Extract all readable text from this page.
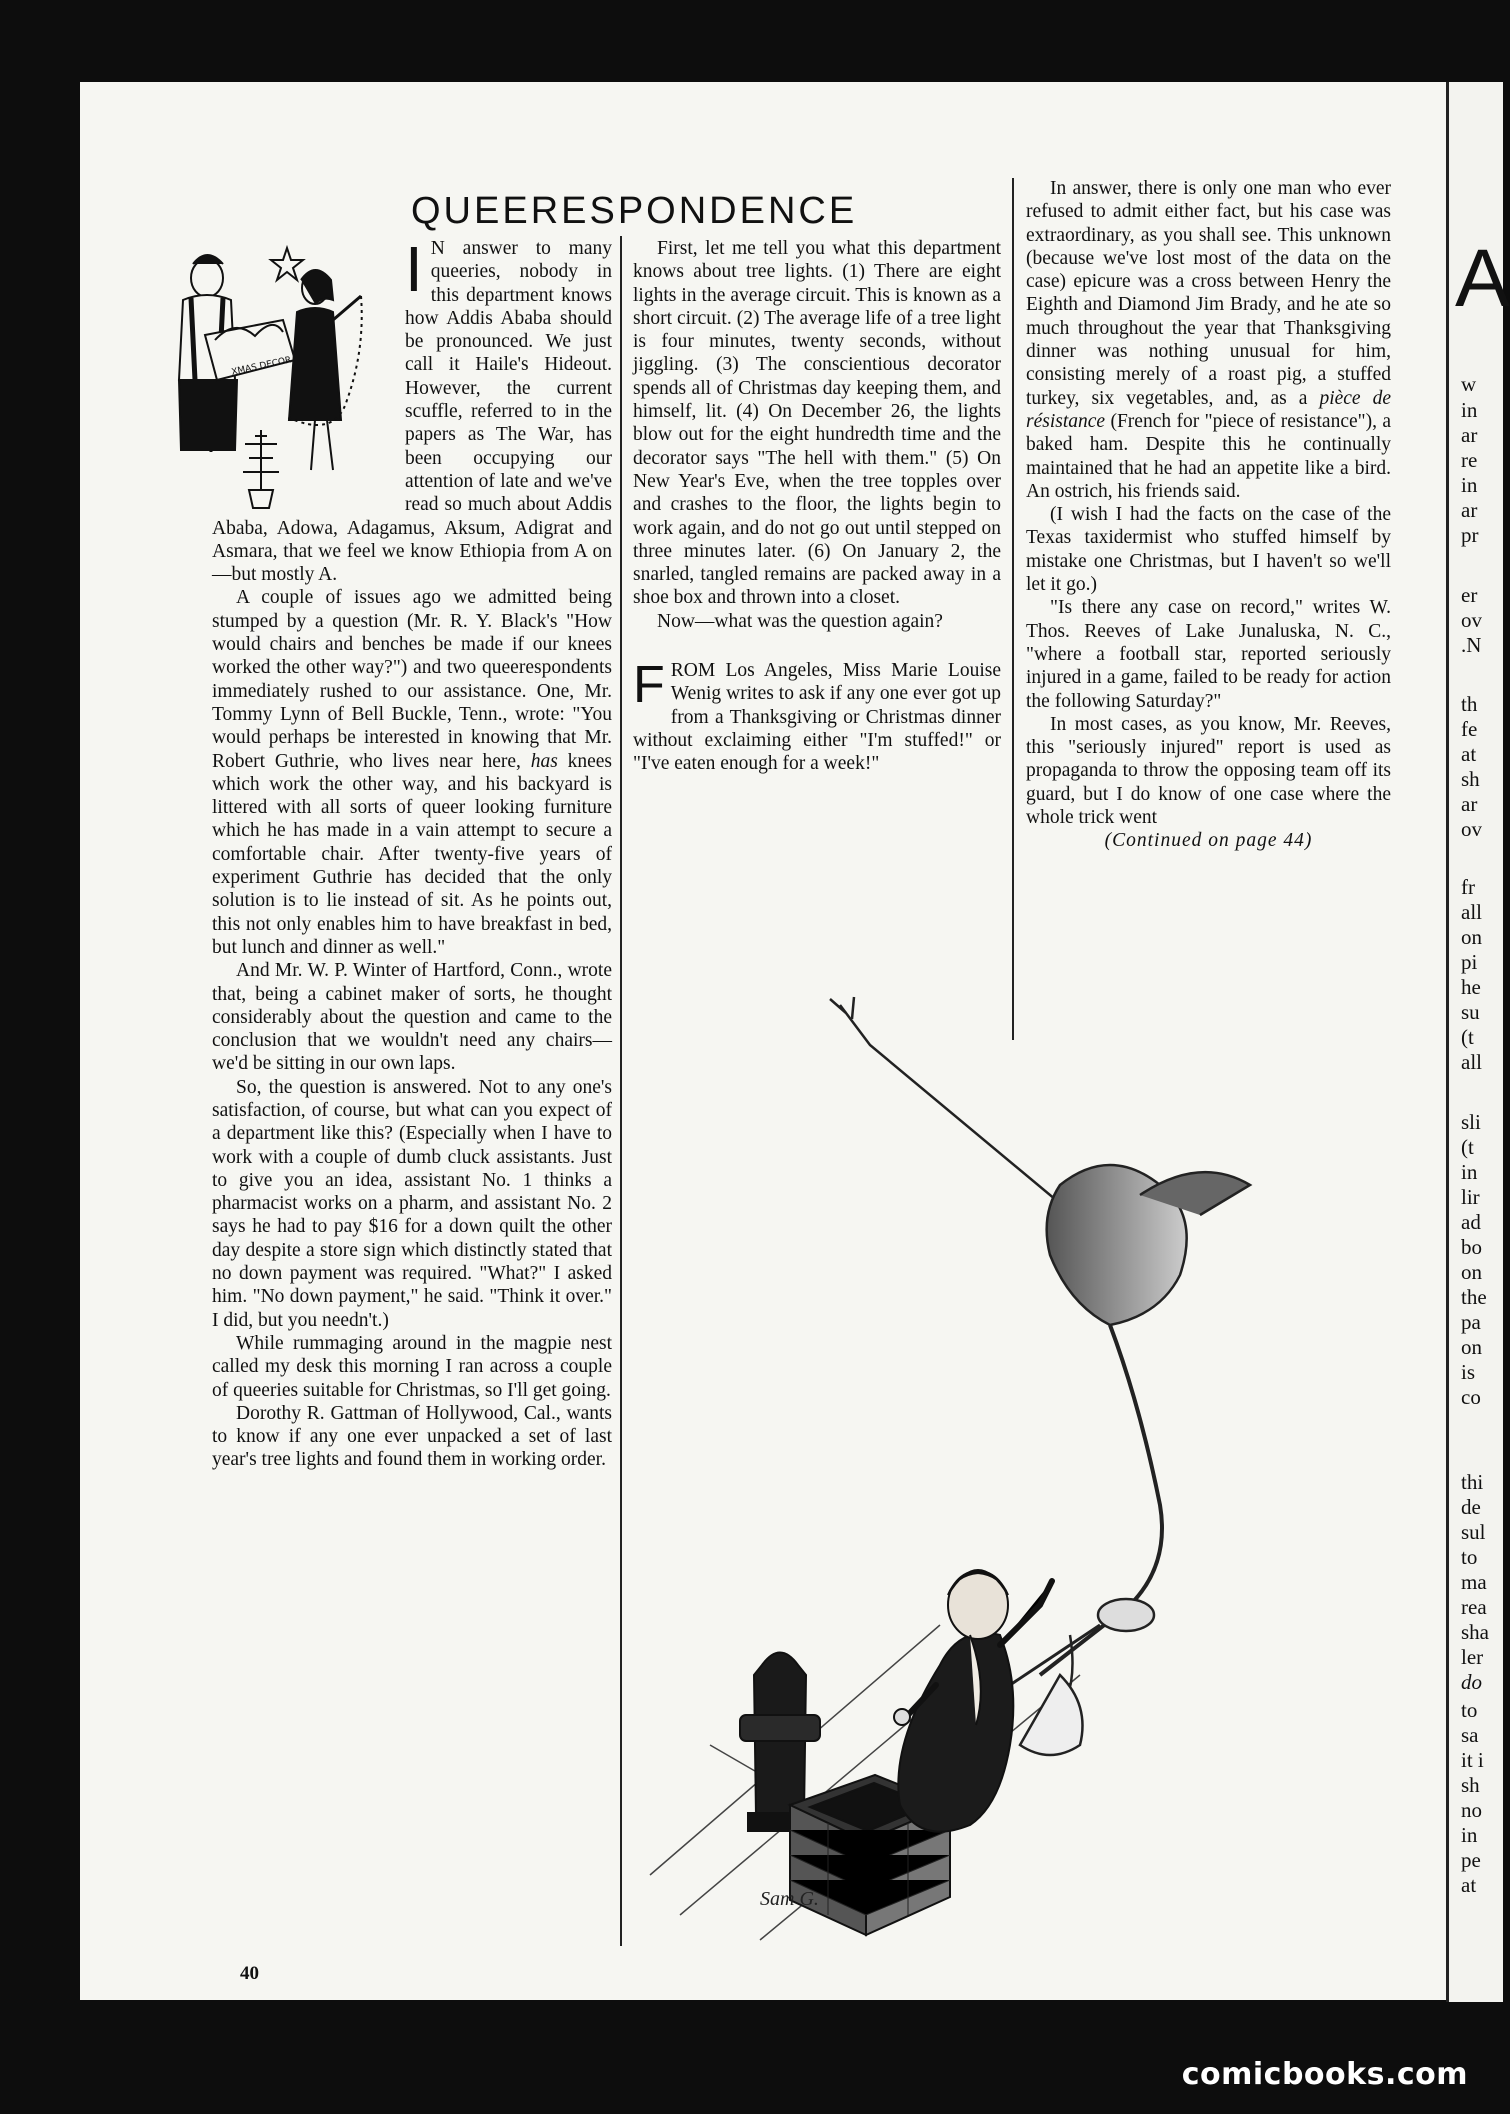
A
w
in
ar
re
in
ar
pr
er
ov
.N
th
fe
at
sh
ar
ov
fr
all
on
pi
he
su
(t
all
sli
(t
in
lir
ad
bo
on
the
pa
on
is
co
thi
de
sul
to
ma
rea
sha
ler
do
to
sa
it i
sh
no
in
pe
at
QUEERESPONDENCE

I N answer to many queeries, nobody in this department knows how Addis Ababa should be pronounced. We just call it Haile's Hideout. However, the current scuffle, referred to in the papers as The War, has been occupying our attention of late and we've read so much about Addis Ababa, Adowa, Adagamus, Aksum, Adigrat and Asmara, that we feel we know Ethiopia from A on—but mostly A.

A couple of issues ago we admitted being stumped by a question (Mr. R. Y. Black's "How would chairs and benches be made if our knees worked the other way?") and two queerespondents immediately rushed to our assistance. One, Mr. Tommy Lynn of Bell Buckle, Tenn., wrote: "You would perhaps be interested in knowing that Mr. Robert Guthrie, who lives near here, has knees which work the other way, and his backyard is littered with all sorts of queer looking furniture which he has made in a vain attempt to secure a comfortable chair. After twenty-five years of experiment Guthrie has decided that the only solution is to lie instead of sit. As he points out, this not only enables him to have breakfast in bed, but lunch and dinner as well."

And Mr. W. P. Winter of Hartford, Conn., wrote that, being a cabinet maker of sorts, he thought considerably about the question and came to the conclusion that we wouldn't need any chairs—we'd be sitting in our own laps.

So, the question is answered. Not to any one's satisfaction, of course, but what can you expect of a department like this? (Especially when I have to work with a couple of dumb cluck assistants. Just to give you an idea, assistant No. 1 thinks a pharmacist works on a pharm, and assistant No. 2 says he had to pay $16 for a down quilt the other day despite a store sign which distinctly stated that no down payment was required. "What?" I asked him. "No down payment," he said. "Think it over." I did, but you needn't.)

While rummaging around in the magpie nest called my desk this morning I ran across a couple of queeries suitable for Christmas, so I'll get going.

Dorothy R. Gattman of Hollywood, Cal., wants to know if any one ever unpacked a set of last year's tree lights and found them in working order.

First, let me tell you what this department knows about tree lights. (1) There are eight lights in the average circuit. This is known as a short circuit. (2) The average life of a tree light is four minutes, twenty seconds, without jiggling. (3) The conscientious decorator spends all of Christmas day keeping them, and himself, lit. (4) On December 26, the lights blow out for the eight hundredth time and the decorator says "The hell with them." (5) On New Year's Eve, when the tree topples over and crashes to the floor, the lights begin to work again, and do not go out until stepped on three minutes later. (6) On January 2, the snarled, tangled remains are packed away in a shoe box and thrown into a closet.

Now—what was the question again?

FROM Los Angeles, Miss Marie Louise Wenig writes to ask if any one ever got up from a Thanksgiving or Christmas dinner without exclaiming either "I'm stuffed!" or "I've eaten enough for a week!"

In answer, there is only one man who ever refused to admit either fact, but his case was extraordinary, as you shall see. This unknown (because we've lost most of the data on the case) epicure was a cross between Henry the Eighth and Diamond Jim Brady, and he ate so much throughout the year that Thanksgiving dinner was nothing unusual for him, consisting merely of a roast pig, a stuffed turkey, six vegetables, and, as a pièce de résistance (French for "piece of resistance"), a baked ham. Despite this he continually maintained that he had an appetite like a bird. An ostrich, his friends said.

(I wish I had the facts on the case of the Texas taxidermist who stuffed himself by mistake one Christmas, but I haven't so we'll let it go.)

"Is there any case on record," writes W. Thos. Reeves of Lake Junaluska, N. C., "where a football star, reported seriously injured in a game, failed to be ready for action the following Saturday?"

In most cases, as you know, Mr. Reeves, this "seriously injured" report is used as propaganda to throw the opposing team off its guard, but I do know of one case where the whole trick went

(Continued on page 44)

XMAS DECOR
Sam G.
40
comicbooks.com
